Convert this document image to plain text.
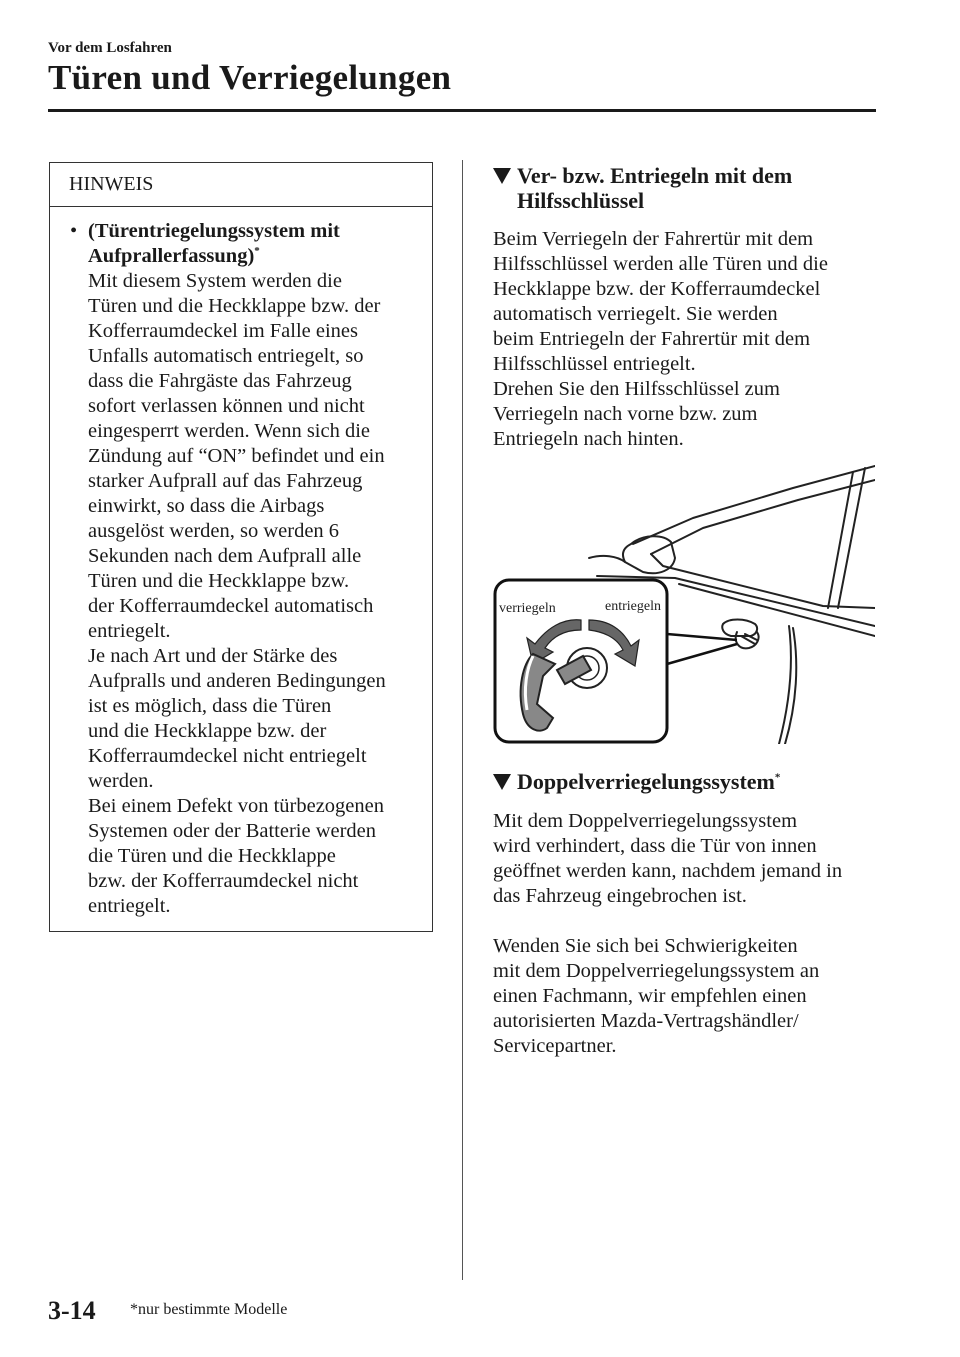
Vor dem Losfahren
Türen und Verriegelungen
HINWEIS
• (Türentriegelungssystem mit
Aufprallerfassung)*
Mit diesem System werden die
Türen und die Heckklappe bzw. der
Kofferraumdeckel im Falle eines
Unfalls automatisch entriegelt, so
dass die Fahrgäste das Fahrzeug
sofort verlassen können und nicht
eingesperrt werden. Wenn sich die
Zündung auf “ON” befindet und ein
starker Aufprall auf das Fahrzeug
einwirkt, so dass die Airbags
ausgelöst werden, so werden 6
Sekunden nach dem Aufprall alle
Türen und die Heckklappe bzw.
der Kofferraumdeckel automatisch
entriegelt.
Je nach Art und der Stärke des
Aufpralls und anderen Bedingungen
ist es möglich, dass die Türen
und die Heckklappe bzw. der
Kofferraumdeckel nicht entriegelt
werden.
Bei einem Defekt von türbezogenen
Systemen oder der Batterie werden
die Türen und die Heckklappe
bzw. der Kofferraumdeckel nicht
entriegelt.
Ver- bzw. Entriegeln mit dem
Hilfsschlüssel
Beim Verriegeln der Fahrertür mit dem
Hilfsschlüssel werden alle Türen und die
Heckklappe bzw. der Kofferraumdeckel
automatisch verriegelt. Sie werden
beim Entriegeln der Fahrertür mit dem
Hilfsschlüssel entriegelt.
Drehen Sie den Hilfsschlüssel zum
Verriegeln nach vorne bzw. zum
Entriegeln nach hinten.
verriegeln	entriegeln
Doppelverriegelungssystem*
Mit dem Doppelverriegelungssystem
wird verhindert, dass die Tür von innen
geöffnet werden kann, nachdem jemand in
das Fahrzeug eingebrochen ist.
Wenden Sie sich bei Schwierigkeiten
mit dem Doppelverriegelungssystem an
einen Fachmann, wir empfehlen einen
autorisierten Mazda-Vertragshändler/
Servicepartner.
3-14 *nur bestimmte Modelle
